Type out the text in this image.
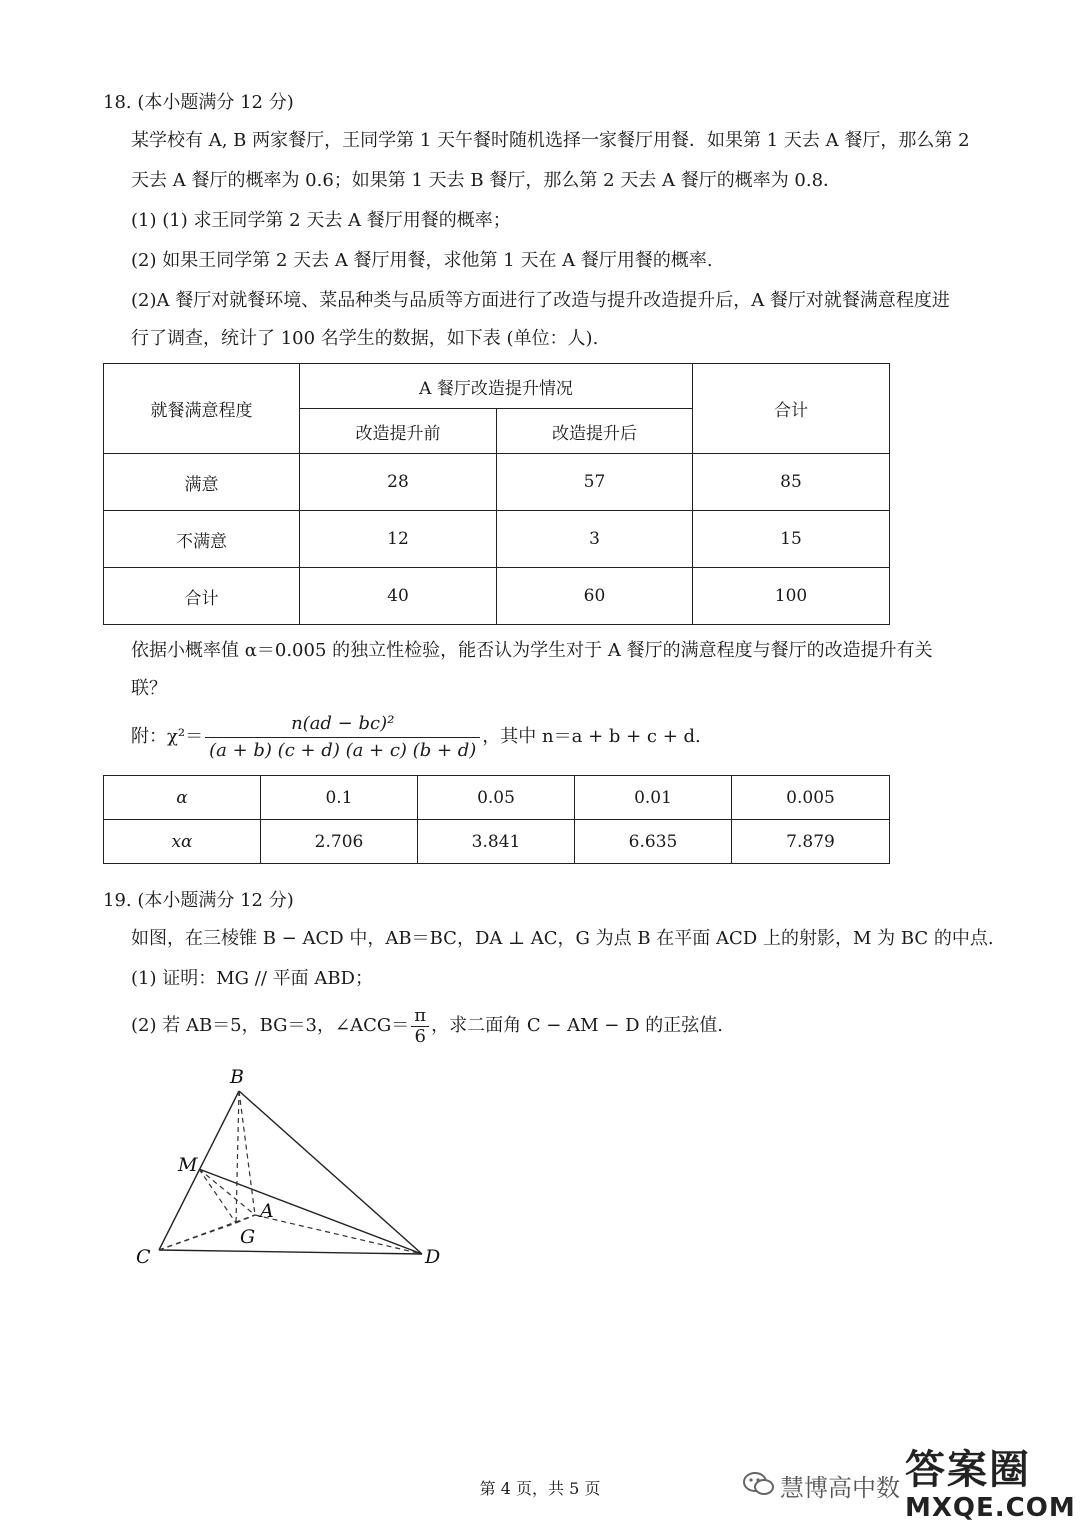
18. (本小题满分 12 分)
某学校有 A, B 两家餐厅，王同学第 1 天午餐时随机选择一家餐厅用餐．如果第 1 天去 A 餐厅，那么第 2
天去 A 餐厅的概率为 0.6；如果第 1 天去 B 餐厅，那么第 2 天去 A 餐厅的概率为 0.8．
(1) (1) 求王同学第 2 天去 A 餐厅用餐的概率；
(2) 如果王同学第 2 天去 A 餐厅用餐，求他第 1 天在 A 餐厅用餐的概率.
(2)A 餐厅对就餐环境、菜品种类与品质等方面进行了改造与提升改造提升后，A 餐厅对就餐满意程度进
行了调查，统计了 100 名学生的数据，如下表 (单位：人).
就餐满意程度	A 餐厅改造提升情况		合计
	改造提升前	改造提升后	
满意	28	57	85
不满意	12	3	15
合计	40	60	100
依据小概率值 α＝0.005 的独立性检验，能否认为学生对于 A 餐厅的满意程度与餐厅的改造提升有关
联？
附：$\chi^2= \frac{\text{n(ad − bc)²}}{(a + b) (c + d) (a + c) (b + d)}$ ，其中 n＝a + b + c + d.
α	0.1	0.05	0.01	0.005
xα	2.706	3.841	6.635	7.879
19. (本小题满分 12 分)
如图，在三棱锥 B − ACD 中，AB＝BC，DA ⊥ AC，G 为点 B 在平面 ACD 上的射影，M 为 BC 的中点.
(1) 证明：MG // 平面 ABD；
(2) 若 AB＝5，BG＝3，∠ACG＝ $\frac{\pi}{6}$ ，求二面角 C − AM − D 的正弦值.
B
M
A
G
C	D
第 4 页，共 5 页	慧博高中数 答案圈
MXQE.COM
